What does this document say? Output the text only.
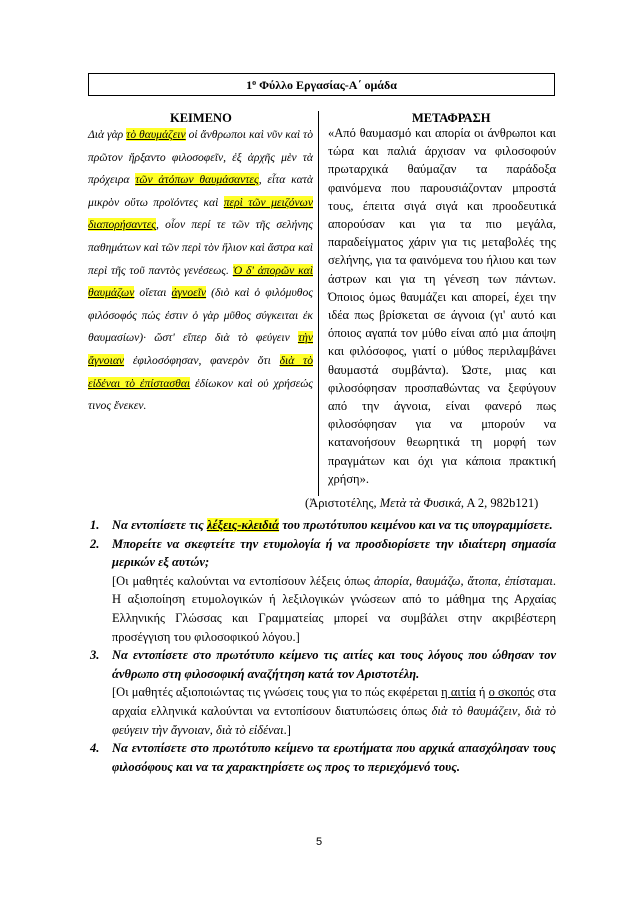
$1^o$ Φύλλο Εργασίας-Α΄ ομάδα
ΚΕΙΜΕΝΟ	ΜΕΤΑΦΡΑΣΗ
Διὰ γὰρ τὸ θαυμάζειν οἱ ἄνθρωποι καὶ νῦν καὶ τὸ πρῶτον ἤρξαντο φιλοσοφεῖν, ἐξ ἀρχῆς μὲν τὰ πρόχειρα τῶν ἀτόπων θαυμάσαντες, εἶτα κατὰ μικρὸν οὕτω προϊόντες καὶ περὶ τῶν μειζόνων διαπορήσαντες, οἷον περί τε τῶν τῆς σελήνης παθημάτων καὶ τῶν περὶ τὸν ἥλιον καὶ ἄστρα καὶ περὶ τῆς τοῦ παντὸς γενέσεως. Ὁ δ' ἀπορῶν καὶ θαυμάζων οἴεται ἀγνοεῖν (διὸ καὶ ὁ φιλόμυθος φιλόσοφός πώς ἐστιν ὁ γὰρ μῦθος σύγκειται ἐκ θαυμασίων)· ὥστ' εἴπερ διὰ τὸ φεύγειν τὴν ἄγνοιαν ἐφιλοσόφησαν, φανερὸν ὅτι διὰ τὸ εἰδέναι τὸ ἐπίστασθαι ἐδίωκον καὶ οὐ χρήσεώς τινος ἕνεκεν.
«Από θαυμασμό και απορία οι άνθρωποι και τώρα και παλιά άρχισαν να φιλοσοφούν πρωταρχικά θαύμαζαν τα παράδοξα φαινόμενα που παρουσιάζονταν μπροστά τους, έπειτα σιγά σιγά και προοδευτικά απορούσαν και για τα πιο μεγάλα, παραδείγματος χάριν για τις μεταβολές της σελήνης, για τα φαινόμενα του ήλιου και των άστρων και για τη γένεση των πάντων. Όποιος όμως θαυμάζει και απορεί, έχει την ιδέα πως βρίσκεται σε άγνοια (γι' αυτό και όποιος αγαπά τον μύθο είναι από μια άποψη και φιλόσοφος, γιατί ο μύθος περιλαμβάνει θαυμαστά συμβάντα). Ώστε, μιας και φιλοσόφησαν προσπαθώντας να ξεφύγουν από την άγνοια, είναι φανερό πως φιλοσόφησαν για να μπορούν να κατανοήσουν θεωρητικά τη μορφή των πραγμάτων και όχι για κάποια πρακτική χρήση».
(Ἀριστοτέλης, Μετὰ τὰ Φυσικά, Α 2, 982b121)
1. Να εντοπίσετε τις λέξεις-κλειδιά του πρωτότυπου κειμένου και να τις υπογραμμίσετε.
2. Μπορείτε να σκεφτείτε την ετυμολογία ή να προσδιορίσετε την ιδιαίτερη σημασία μερικών εξ αυτών;
[Οι μαθητές καλούνται να εντοπίσουν λέξεις όπως ἀπορία, θαυμάζω, ἄτοπα, ἐπίσταμαι. Η αξιοποίηση ετυμολογικών ή λεξιλογικών γνώσεων από το μάθημα της Αρχαίας Ελληνικής Γλώσσας και Γραμματείας μπορεί να συμβάλει στην ακριβέστερη προσέγγιση του φιλοσοφικού λόγου.]
3. Να εντοπίσετε στο πρωτότυπο κείμενο τις αιτίες και τους λόγους που ώθησαν τον άνθρωπο στη φιλοσοφική αναζήτηση κατά τον Αριστοτέλη.
[Οι μαθητές αξιοποιώντας τις γνώσεις τους για το πώς εκφέρεται η αιτία ή ο σκοπός στα αρχαία ελληνικά καλούνται να εντοπίσουν διατυπώσεις όπως διὰ τὸ θαυμάζειν, διὰ τὸ φεύγειν τὴν ἄγνοιαν, διὰ τὸ εἰδέναι.]
4. Να εντοπίσετε στο πρωτότυπο κείμενο τα ερωτήματα που αρχικά απασχόλησαν τους φιλοσόφους και να τα χαρακτηρίσετε ως προς το περιεχόμενό τους.
5
